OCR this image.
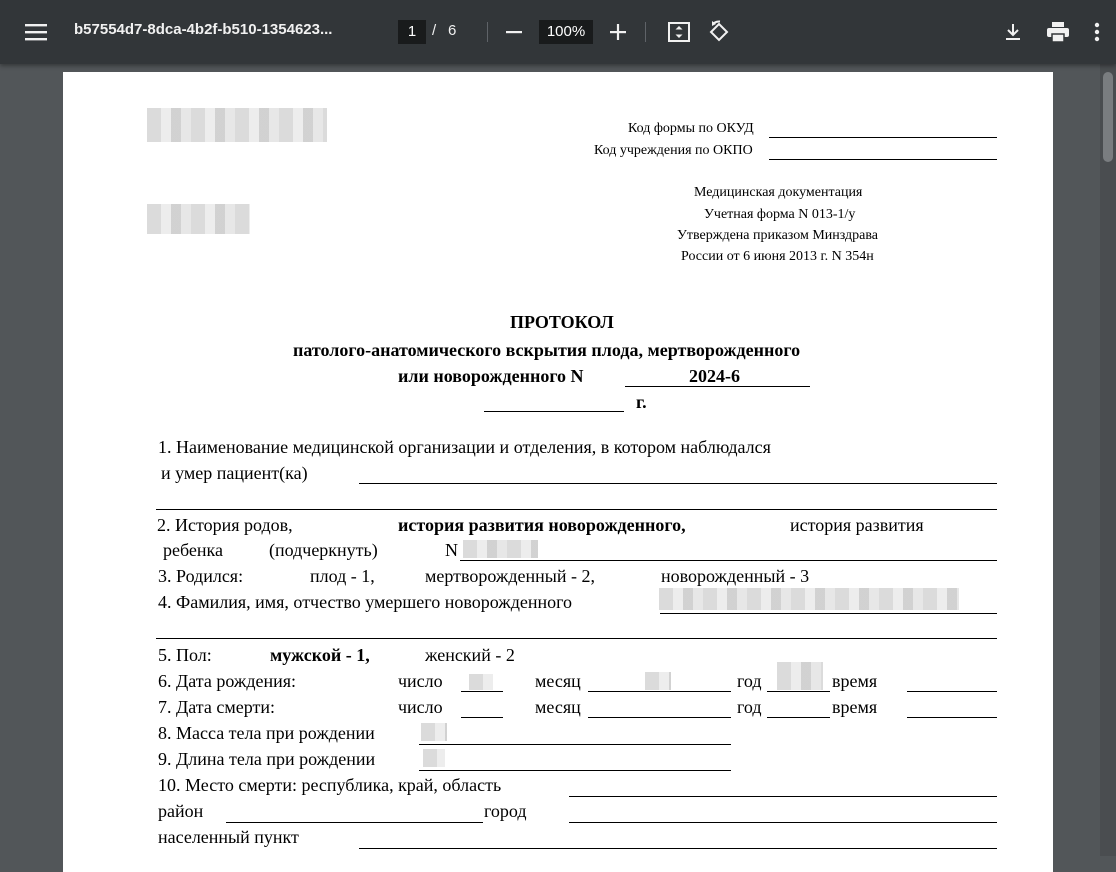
b57554d7-8dca-4b2f-b510-1354623...	1	/ 6	100%
Код формы по ОКУД
Код учреждения по ОКПО
Медицинская документация
Учетная форма N 013-1/у
Утверждена приказом Минздрава
России от 6 июня 2013 г. N 354н
ПРОТОКОЛ
патолого-анатомического вскрытия плода, мертворожденного
или новорожденного N	2024-6
г.
1. Наименование медицинской организации и отделения, в котором наблюдался
и умер пациент(ка)
2. История родов,	история развития новорожденного,	история развития
ребенка	(подчеркнуть)	N
3. Родился:	плод - 1,	мертворожденный - 2,	новорожденный - 3
4. Фамилия, имя, отчество умершего новорожденного
5. Пол:	мужской - 1,	женский - 2
6. Дата рождения:	число	месяц	год	время
7. Дата смерти:	число	месяц	год	время
8. Масса тела при рождении
9. Длина тела при рождении
10. Место смерти: республика, край, область
район	город
населенный пункт
